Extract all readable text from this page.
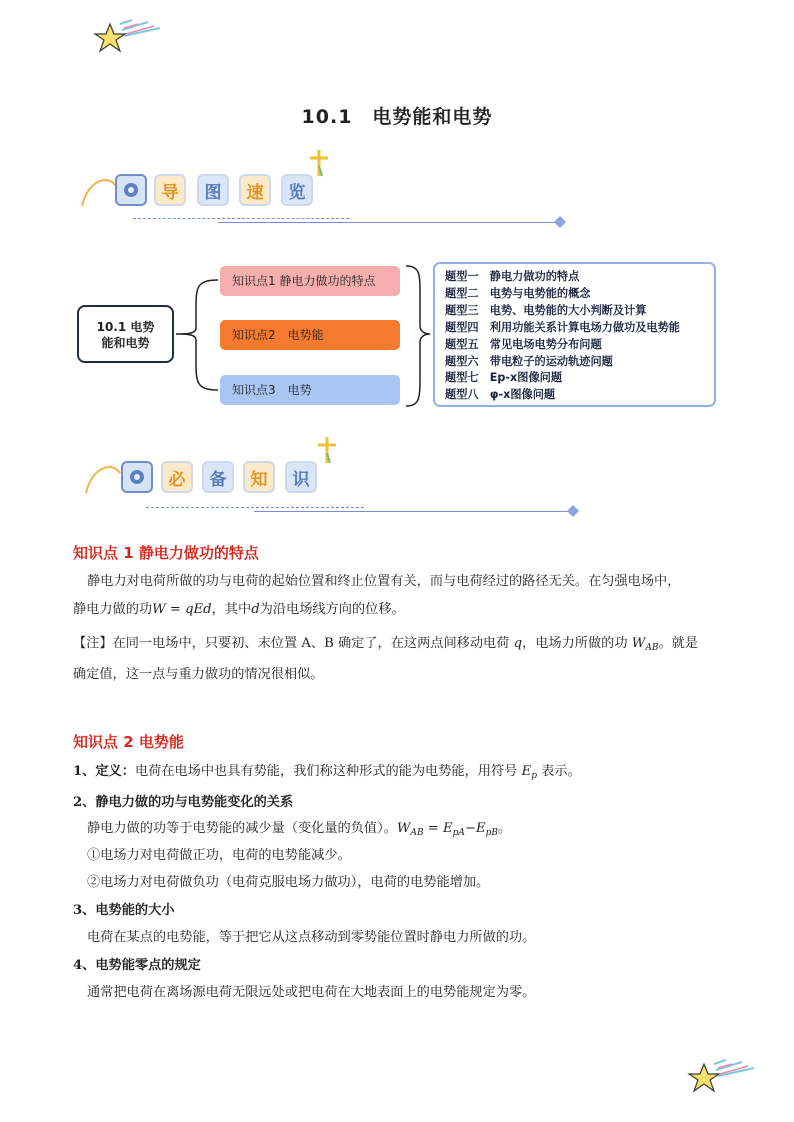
10.1　电势能和电势
导	图	速	览
10.1 电势
能和电势
知识点1 静电力做功的特点
知识点2　电势能
知识点3　电势
题型一　静电力做功的特点
题型二　电势与电势能的概念
题型三　电势、电势能的大小判断及计算
题型四　利用功能关系计算电场力做功及电势能
题型五　常见电场电势分布问题
题型六　带电粒子的运动轨迹问题
题型七　Ep-x图像问题
题型八　φ-x图像问题
必	备	知	识
知识点 1 静电力做功的特点
静电力对电荷所做的功与电荷的起始位置和终止位置有关，而与电荷经过的路径无关。在匀强电场中，
静电力做的功W = qEd，其中d为沿电场线方向的位移。
【注】在同一电场中，只要初、末位置 A、B 确定了，在这两点间移动电荷 q，电场力所做的功 $W_{AB}$。就是
确定值，这一点与重力做功的情况很相似。
知识点 2 电势能
1、定义：电荷在电场中也具有势能，我们称这种形式的能为电势能，用符号 $E_p$ 表示。
2、静电力做的功与电势能变化的关系
静电力做的功等于电势能的减少量（变化量的负值）。$W_{AB} = E_{pA}-E_{pB}$。
①电场力对电荷做正功，电荷的电势能减少。
②电场力对电荷做负功（电荷克服电场力做功），电荷的电势能增加。
3、电势能的大小
电荷在某点的电势能，等于把它从这点移动到零势能位置时静电力所做的功。
4、电势能零点的规定
通常把电荷在离场源电荷无限远处或把电荷在大地表面上的电势能规定为零。
